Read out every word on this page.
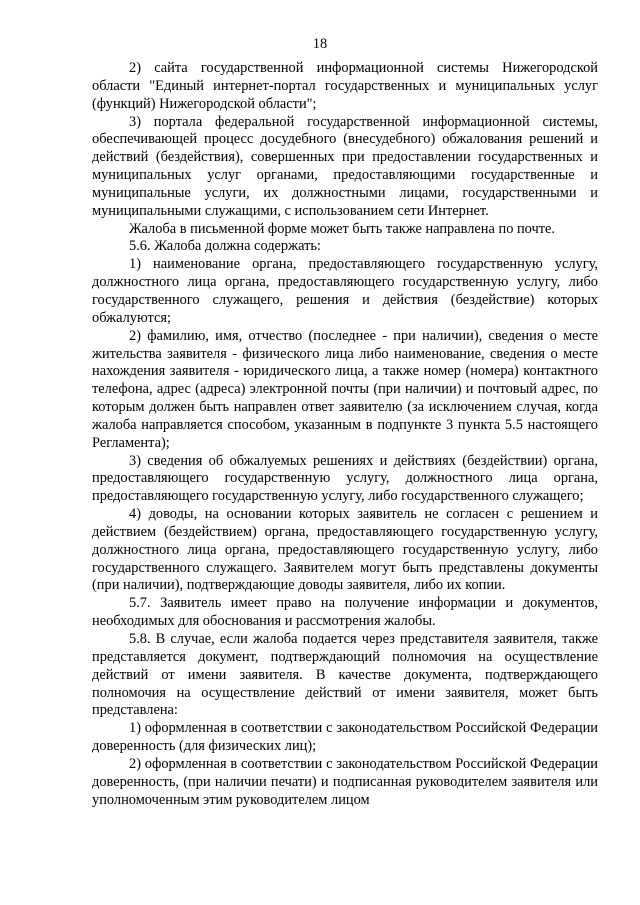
18

2) сайта государственной информационной системы Нижегородской области "Единый интернет-портал государственных и муниципальных услуг (функций) Нижегородской области";

3) портала федеральной государственной информационной системы, обеспечивающей процесс досудебного (внесудебного) обжалования решений и действий (бездействия), совершенных при предоставлении государственных и муниципальных услуг органами, предоставляющими государственные и муниципальные услуги, их должностными лицами, государственными и муниципальными служащими, с использованием сети Интернет.

Жалоба в письменной форме может быть также направлена по почте.

5.6. Жалоба должна содержать:

1) наименование органа, предоставляющего государственную услугу, должностного лица органа, предоставляющего государственную услугу, либо государственного служащего, решения и действия (бездействие) которых обжалуются;

2) фамилию, имя, отчество (последнее - при наличии), сведения о месте жительства заявителя - физического лица либо наименование, сведения о месте нахождения заявителя - юридического лица, а также номер (номера) контактного телефона, адрес (адреса) электронной почты (при наличии) и почтовый адрес, по которым должен быть направлен ответ заявителю (за исключением случая, когда жалоба направляется способом, указанным в подпункте 3 пункта 5.5 настоящего Регламента);

3) сведения об обжалуемых решениях и действиях (бездействии) органа, предоставляющего государственную услугу, должностного лица органа, предоставляющего государственную услугу, либо государственного служащего;

4) доводы, на основании которых заявитель не согласен с решением и действием (бездействием) органа, предоставляющего государственную услугу, должностного лица органа, предоставляющего государственную услугу, либо государственного служащего. Заявителем могут быть представлены документы (при наличии), подтверждающие доводы заявителя, либо их копии.

5.7. Заявитель имеет право на получение информации и документов, необходимых для обоснования и рассмотрения жалобы.

5.8. В случае, если жалоба подается через представителя заявителя, также представляется документ, подтверждающий полномочия на осуществление действий от имени заявителя. В качестве документа, подтверждающего полномочия на осуществление действий от имени заявителя, может быть представлена:

1) оформленная в соответствии с законодательством Российской Федерации доверенность (для физических лиц);

2) оформленная в соответствии с законодательством Российской Федерации доверенность, (при наличии печати) и подписанная руководителем заявителя или уполномоченным этим руководителем лицом
